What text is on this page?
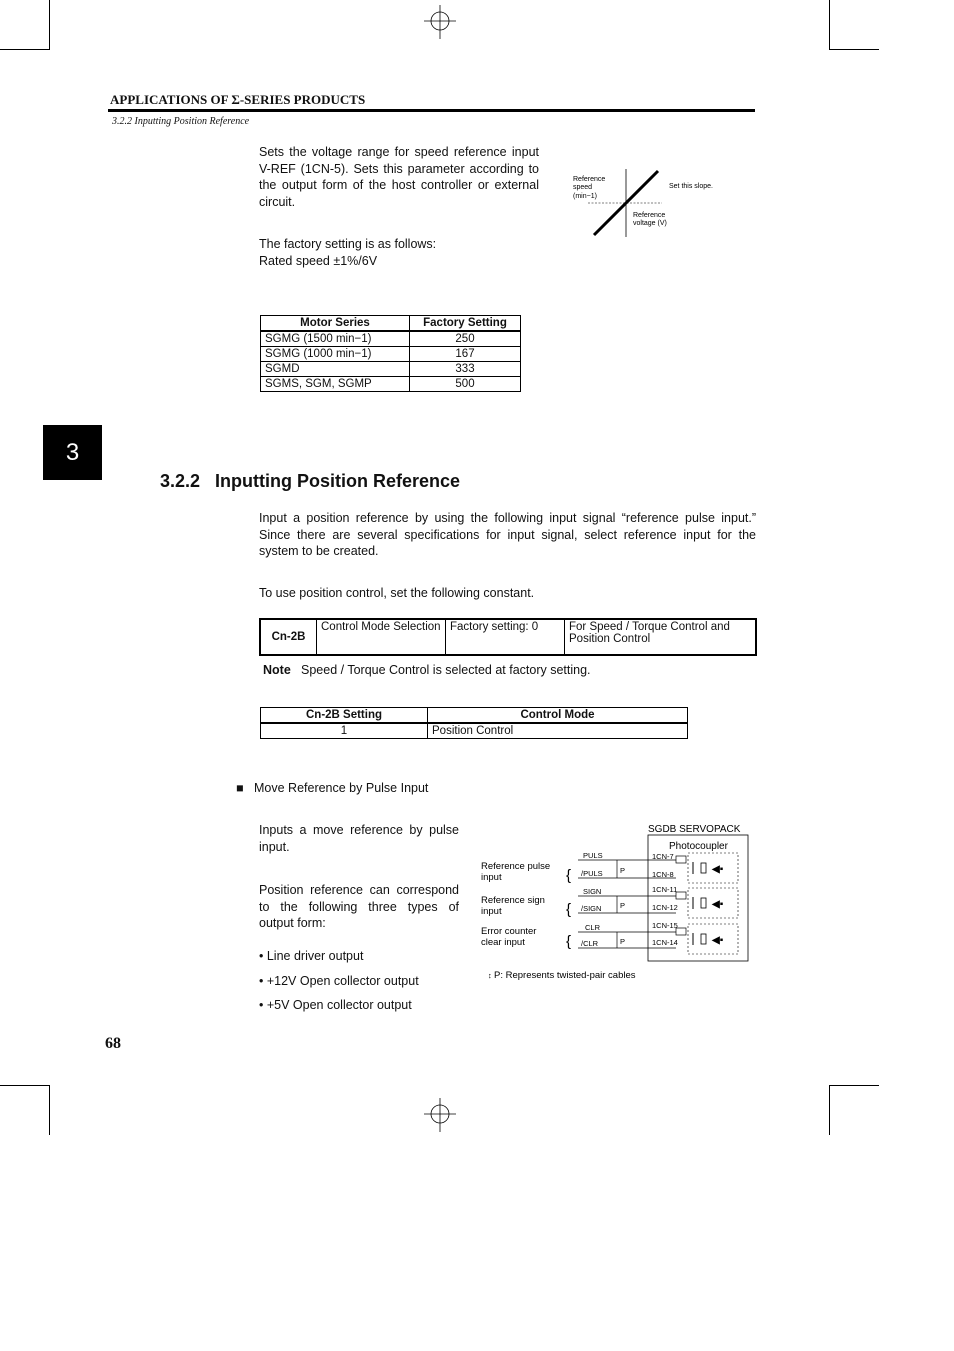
APPLICATIONS OF Σ-SERIES PRODUCTS
3.2.2 Inputting Position Reference
Sets the voltage range for speed reference input V-REF (1CN-5). Sets this parameter according to the output form of the host controller or external circuit.
The factory setting is as follows:
Rated speed ±1%/6V
Reference
speed
(min−1)
Reference
voltage (V)
Set this slope.
Motor Series	Factory Setting
SGMG (1500 min−1)	250
SGMG (1000 min−1)	167
SGMD	333
SGMS, SGM, SGMP	500
3
3.2.2   Inputting Position Reference
Input a position reference by using the following input signal “reference pulse input.” Since there are several specifications for input signal, select reference input for the system to be created.
To use position control, set the following constant.
Cn-2B	Control Mode Selection	Factory setting: 0	For Speed / Torque Control and Position Control
Note Speed / Torque Control is selected at factory setting.
Cn-2B Setting	Control Mode
1	Position Control
■ Move Reference by Pulse Input
Inputs a move reference by pulse input.
Position reference can correspond to the following three types of output form:
• Line driver output
• +12V Open collector output
• +5V Open collector output
SGDB SERVOPACK
Photocoupler
Reference pulse
input	{
PULS
/PULS P
1CN-7
1CN-8	◀▪
Reference sign
input	{
SIGN
/SIGN P
1CN-11
1CN-12	◀▪
Error counter
clear input	{
CLR
/CLR	P
1CN-15
1CN-14	◀▪
↕ P: Represents twisted-pair cables
68
